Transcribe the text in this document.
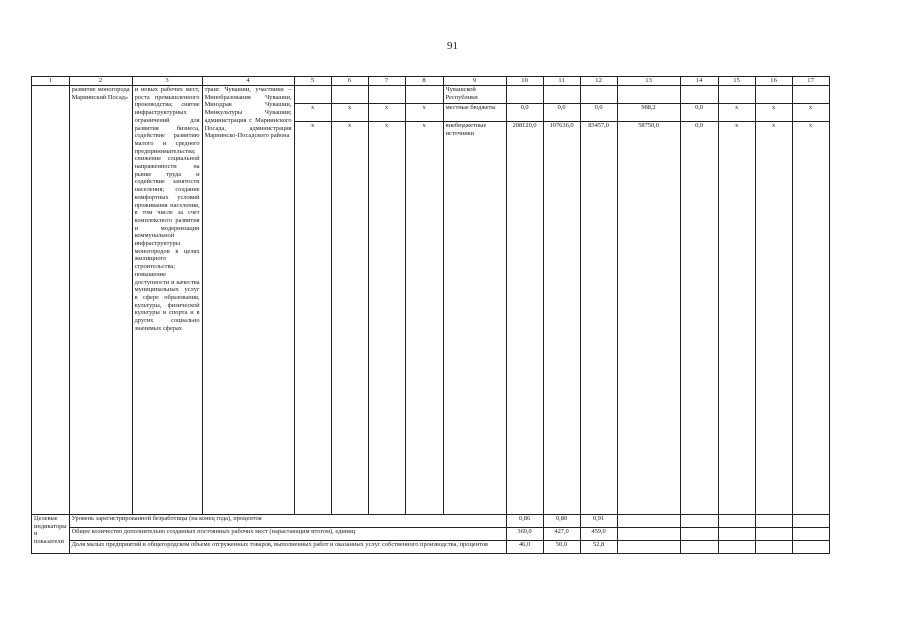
91
1	2	3	4	5	6	7	8	9	10	11	12	13	14	15	16	17
	развитие моногорода Мариинский Посад»	и новых рабочих мест, роста промышленного производства; снятие инфраструктурных ограничений для развития бизнеса, содействие развитию малого и среднего предпринимательства; снижение социальной напряженности на рынке труда и содействие занятости населения; создание комфортных условий проживания населения, в том числе за счет комплексного развития и модернизации коммунальной инфраструктуры моногородов в целях жилищного строительства; повышение доступности и качества муниципальных услуг в сфере образования, культуры, физической культуры и спорта и в других социально значимых сферах	транс Чувашии, участники – Минобразования Чувашии, Минздрав Чувашии, Минкультуры Чувашии; администрация г. Мариинского Посада, администрация Мариинско-Посадского района					Чувашской Республики								
				x	x	x	x	местные бюджеты	0,0	0,0	0,0	988,2	0,0	x	x	x
				x	x	x	x	внебюджетные источники	208120,0	107636,0	83457,0	58750,0	0,0	x	x	x
Целевые индикаторы и показатели	Уровень зарегистрированной безработицы (на конец года), процентов								0,86	0,80	0,91					
	Общее количество дополнительно созданных постоянных рабочих мест (нарастающим итогом), единиц								369,0	427,0	459,0					
	Доля малых предприятий в общегородском объеме отгруженных товаров, выполненных работ и оказанных услуг собственного производства, процентов								46,0	50,0	52,8					
